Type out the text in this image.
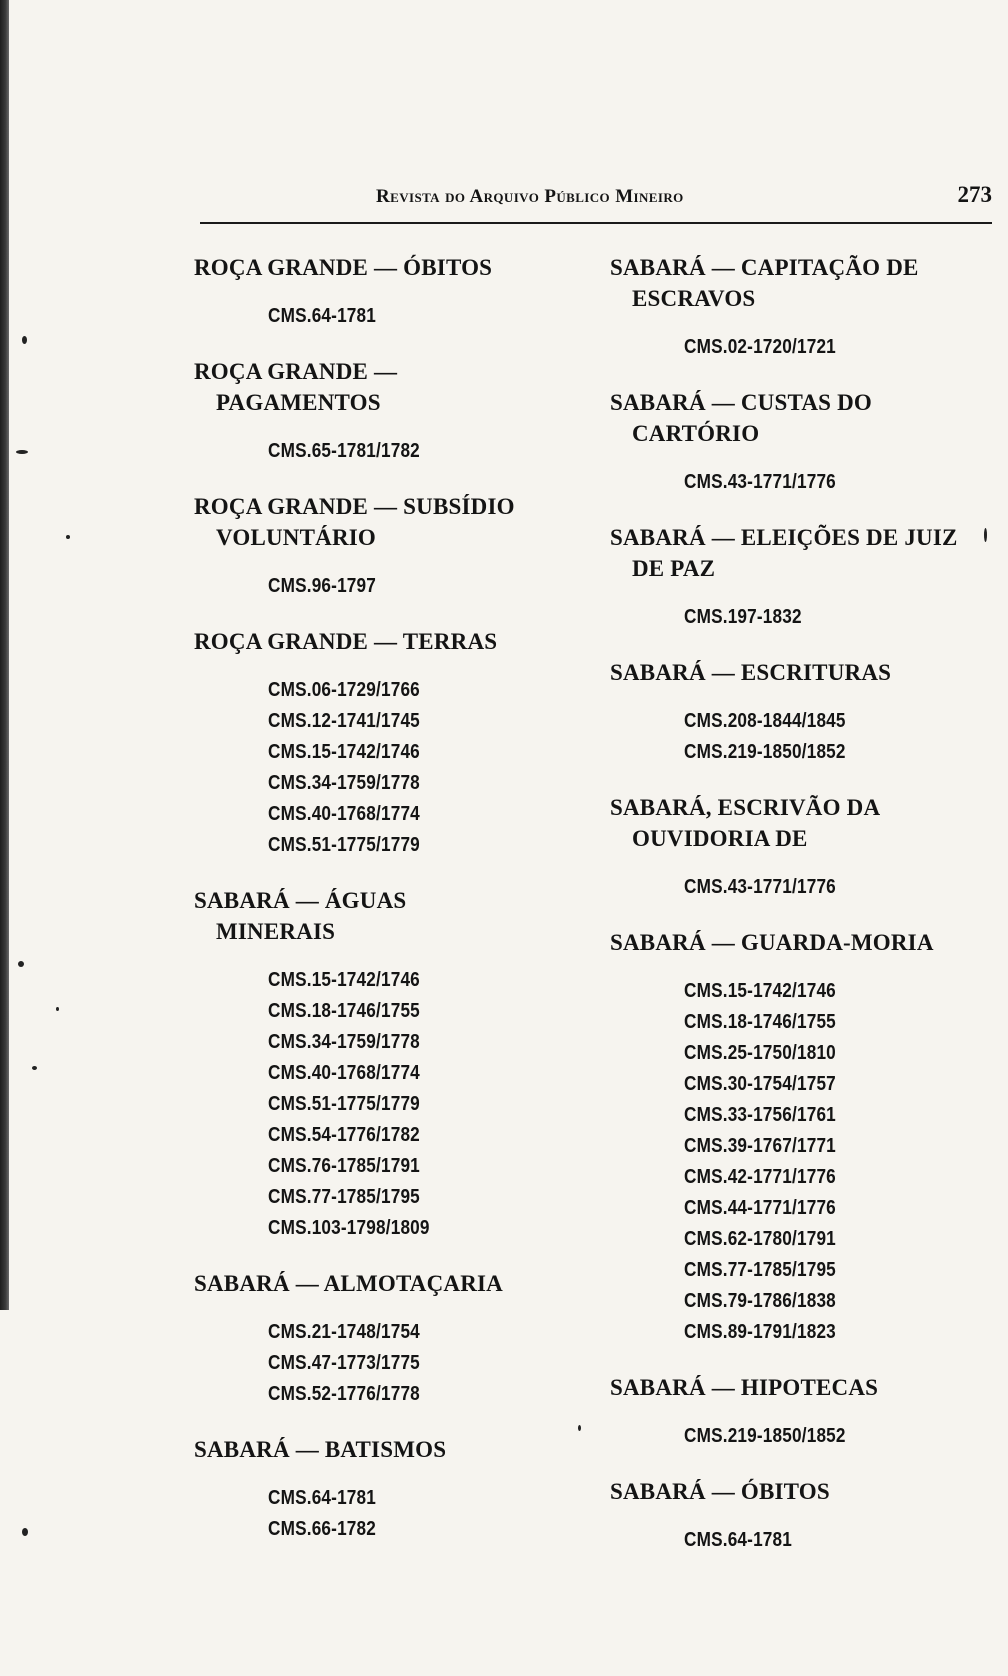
Revista do Arquivo Público Mineiro	273
ROÇA GRANDE — ÓBITOS
CMS.64-1781
ROÇA GRANDE —
PAGAMENTOS
CMS.65-1781/1782
ROÇA GRANDE — SUBSÍDIO
VOLUNTÁRIO
CMS.96-1797
ROÇA GRANDE — TERRAS
CMS.06-1729/1766
CMS.12-1741/1745
CMS.15-1742/1746
CMS.34-1759/1778
CMS.40-1768/1774
CMS.51-1775/1779
SABARÁ — ÁGUAS
MINERAIS
CMS.15-1742/1746
CMS.18-1746/1755
CMS.34-1759/1778
CMS.40-1768/1774
CMS.51-1775/1779
CMS.54-1776/1782
CMS.76-1785/1791
CMS.77-1785/1795
CMS.103-1798/1809
SABARÁ — ALMOTAÇARIA
CMS.21-1748/1754
CMS.47-1773/1775
CMS.52-1776/1778
SABARÁ — BATISMOS
CMS.64-1781
CMS.66-1782
SABARÁ — CAPITAÇÃO DE
ESCRAVOS
CMS.02-1720/1721
SABARÁ — CUSTAS DO
CARTÓRIO
CMS.43-1771/1776
SABARÁ — ELEIÇÕES DE JUIZ
DE PAZ
CMS.197-1832
SABARÁ — ESCRITURAS
CMS.208-1844/1845
CMS.219-1850/1852
SABARÁ, ESCRIVÃO DA
OUVIDORIA DE
CMS.43-1771/1776
SABARÁ — GUARDA-MORIA
CMS.15-1742/1746
CMS.18-1746/1755
CMS.25-1750/1810
CMS.30-1754/1757
CMS.33-1756/1761
CMS.39-1767/1771
CMS.42-1771/1776
CMS.44-1771/1776
CMS.62-1780/1791
CMS.77-1785/1795
CMS.79-1786/1838
CMS.89-1791/1823
SABARÁ — HIPOTECAS
CMS.219-1850/1852
SABARÁ — ÓBITOS
CMS.64-1781
